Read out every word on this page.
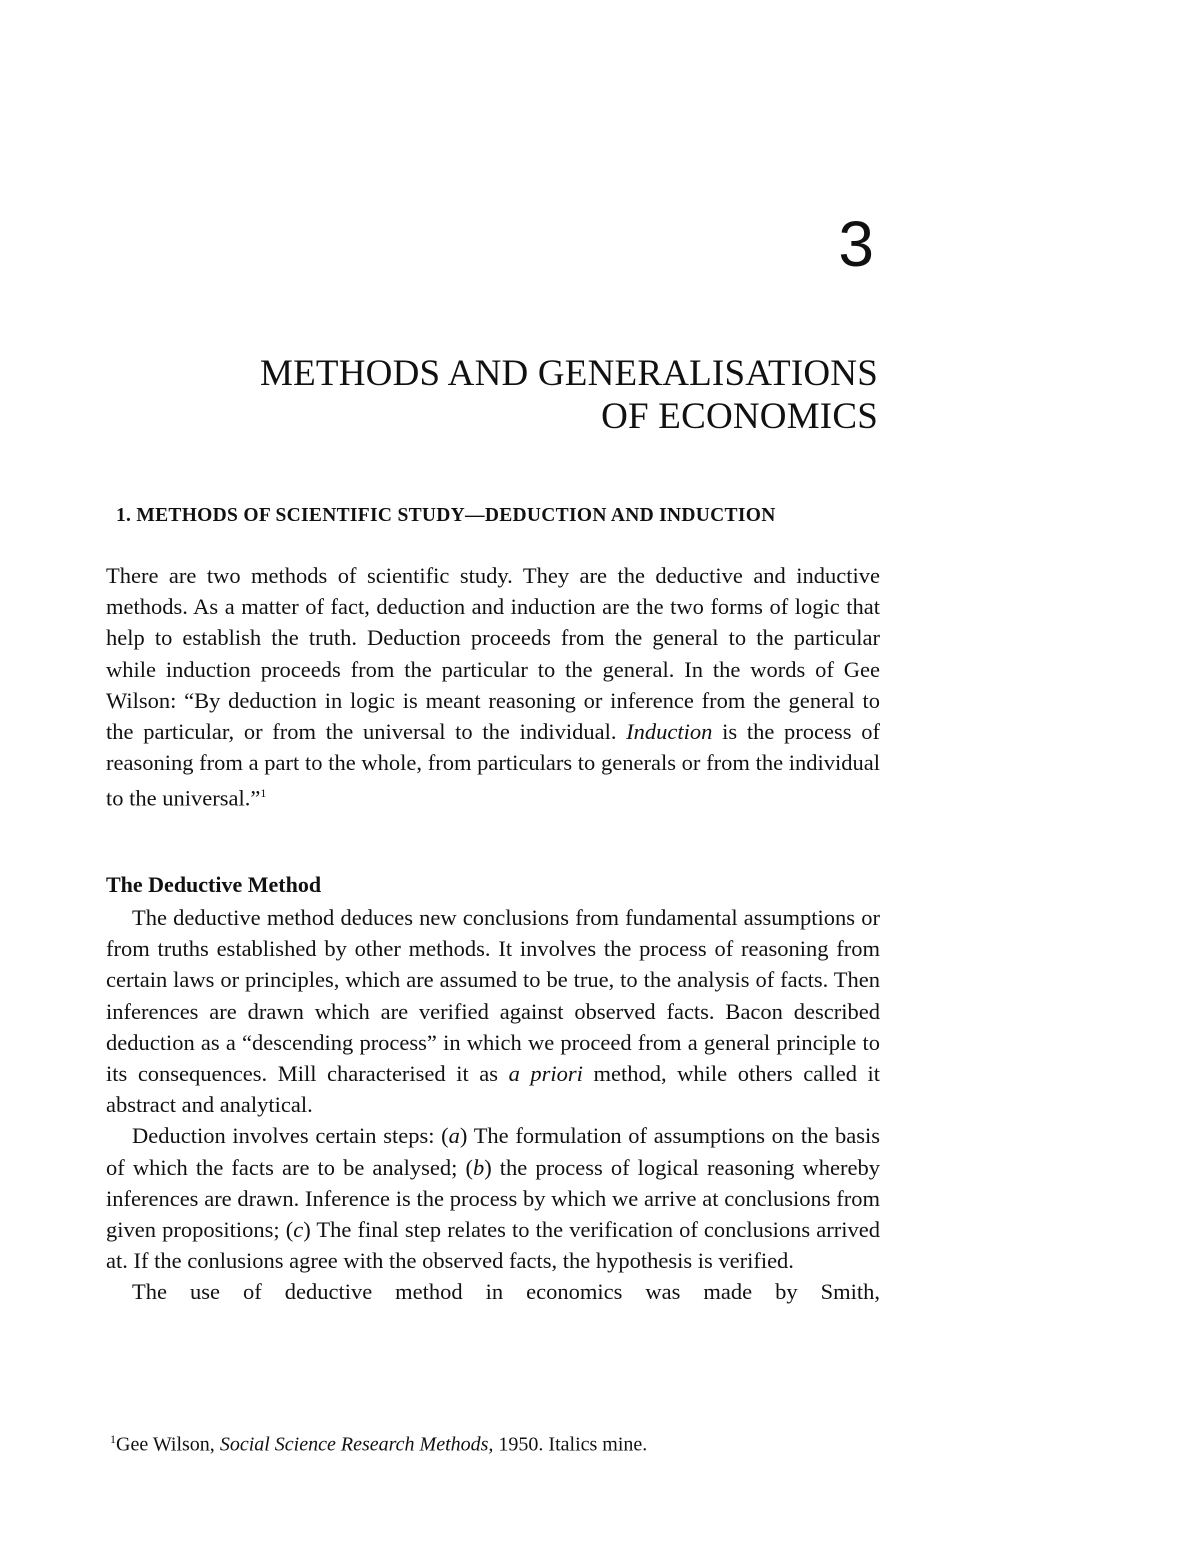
3
METHODS AND GENERALISATIONS
OF ECONOMICS
1. METHODS OF SCIENTIFIC STUDY—DEDUCTION AND INDUCTION

There are two methods of scientific study. They are the deductive and inductive methods. As a matter of fact, deduction and induction are the two forms of logic that help to establish the truth. Deduction proceeds from the general to the particular while induction proceeds from the particular to the general. In the words of Gee Wilson: “By deduction in logic is meant reasoning or inference from the general to the particular, or from the universal to the individual. Induction is the process of reasoning from a part to the whole, from particulars to generals or from the individual to the universal.”$^1$

The Deductive Method

The deductive method deduces new conclusions from fundamental assumptions or from truths established by other methods. It involves the process of reasoning from certain laws or principles, which are assumed to be true, to the analysis of facts. Then inferences are drawn which are verified against observed facts. Bacon described deduction as a “descending process” in which we proceed from a general principle to its consequences. Mill characterised it as a priori method, while others called it abstract and analytical.

Deduction involves certain steps: (a) The formulation of assumptions on the basis of which the facts are to be analysed; (b) the process of logical reasoning whereby inferences are drawn. Inference is the process by which we arrive at conclusions from given propositions; (c) The final step relates to the verification of conclusions arrived at. If the conlusions agree with the observed facts, the hypothesis is verified.

The use of deductive method in economics was made by Smith,

$^1$Gee Wilson, Social Science Research Methods, 1950. Italics mine.
